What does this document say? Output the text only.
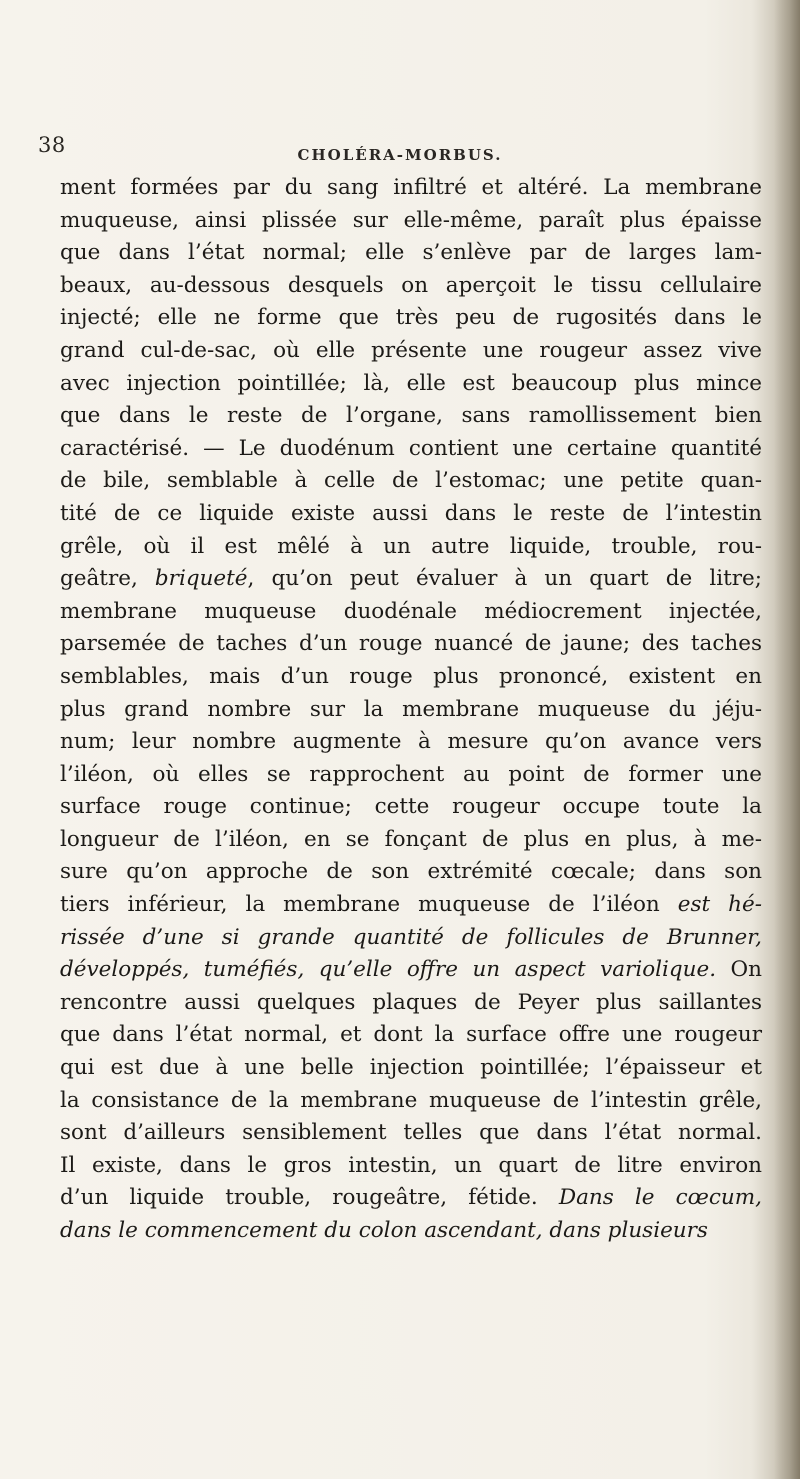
38	CHOLÉRA-MORBUS.
ment formées par du sang infiltré et altéré. La membrane
muqueuse, ainsi plissée sur elle-même, paraît plus épaisse
que dans l’état normal; elle s’enlève par de larges lam-
beaux, au-dessous desquels on aperçoit le tissu cellulaire
injecté; elle ne forme que très peu de rugosités dans le
grand cul-de-sac, où elle présente une rougeur assez vive
avec injection pointillée; là, elle est beaucoup plus mince
que dans le reste de l’organe, sans ramollissement bien
caractérisé. — Le duodénum contient une certaine quantité
de bile, semblable à celle de l’estomac; une petite quan-
tité de ce liquide existe aussi dans le reste de l’intestin
grêle, où il est mêlé à un autre liquide, trouble, rou-
geâtre, briqueté, qu’on peut évaluer à un quart de litre;
membrane muqueuse duodénale médiocrement injectée,
parsemée de taches d’un rouge nuancé de jaune; des taches
semblables, mais d’un rouge plus prononcé, existent en
plus grand nombre sur la membrane muqueuse du jéju-
num; leur nombre augmente à mesure qu’on avance vers
l’iléon, où elles se rapprochent au point de former une
surface rouge continue; cette rougeur occupe toute la
longueur de l’iléon, en se fonçant de plus en plus, à me-
sure qu’on approche de son extrémité cœcale; dans son
tiers inférieur, la membrane muqueuse de l’iléon est hé-
rissée d’une si grande quantité de follicules de Brunner,
développés, tuméfiés, qu’elle offre un aspect variolique. On
rencontre aussi quelques plaques de Peyer plus saillantes
que dans l’état normal, et dont la surface offre une rougeur
qui est due à une belle injection pointillée; l’épaisseur et
la consistance de la membrane muqueuse de l’intestin grêle,
sont d’ailleurs sensiblement telles que dans l’état normal.
Il existe, dans le gros intestin, un quart de litre environ
d’un liquide trouble, rougeâtre, fétide. Dans le cœcum,
dans le commencement du colon ascendant, dans plusieurs
